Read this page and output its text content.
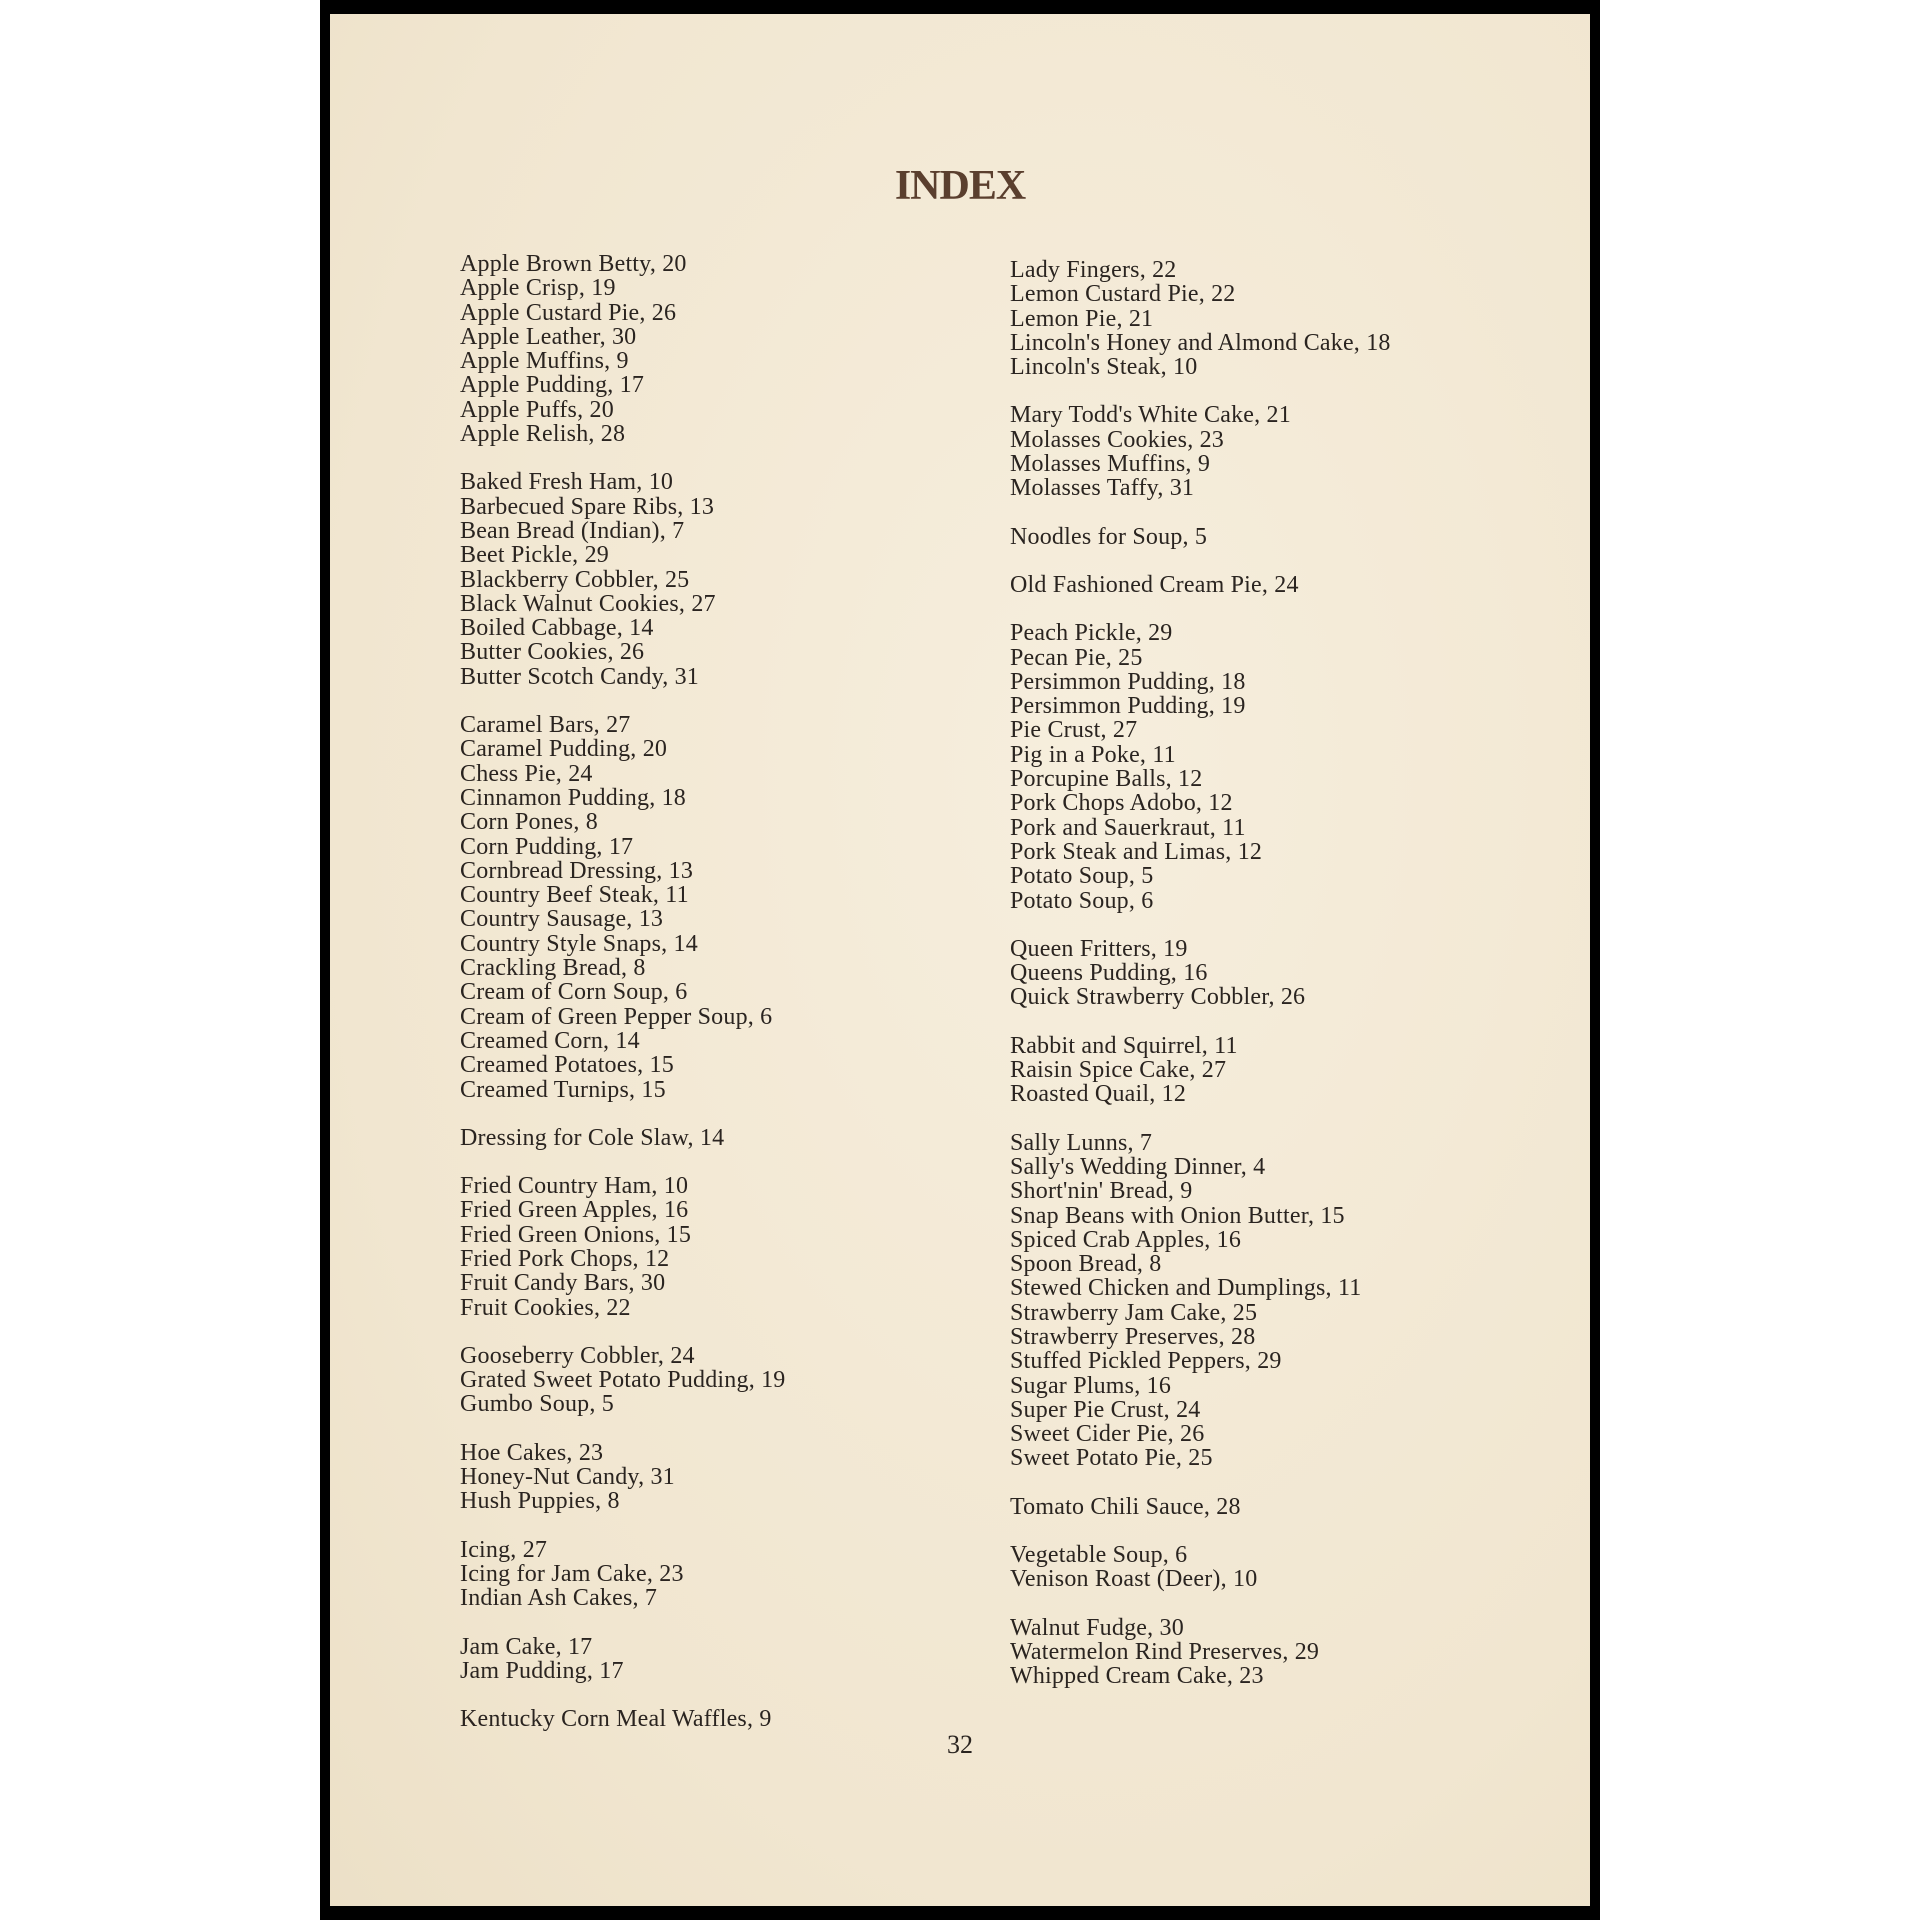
INDEX
Apple Brown Betty, 20
Apple Crisp, 19
Apple Custard Pie, 26
Apple Leather, 30
Apple Muffins, 9
Apple Pudding, 17
Apple Puffs, 20
Apple Relish, 28
Baked Fresh Ham, 10
Barbecued Spare Ribs, 13
Bean Bread (Indian), 7
Beet Pickle, 29
Blackberry Cobbler, 25
Black Walnut Cookies, 27
Boiled Cabbage, 14
Butter Cookies, 26
Butter Scotch Candy, 31
Caramel Bars, 27
Caramel Pudding, 20
Chess Pie, 24
Cinnamon Pudding, 18
Corn Pones, 8
Corn Pudding, 17
Cornbread Dressing, 13
Country Beef Steak, 11
Country Sausage, 13
Country Style Snaps, 14
Crackling Bread, 8
Cream of Corn Soup, 6
Cream of Green Pepper Soup, 6
Creamed Corn, 14
Creamed Potatoes, 15
Creamed Turnips, 15
Dressing for Cole Slaw, 14
Fried Country Ham, 10
Fried Green Apples, 16
Fried Green Onions, 15
Fried Pork Chops, 12
Fruit Candy Bars, 30
Fruit Cookies, 22
Gooseberry Cobbler, 24
Grated Sweet Potato Pudding, 19
Gumbo Soup, 5
Hoe Cakes, 23
Honey-Nut Candy, 31
Hush Puppies, 8
Icing, 27
Icing for Jam Cake, 23
Indian Ash Cakes, 7
Jam Cake, 17
Jam Pudding, 17
Kentucky Corn Meal Waffles, 9
Lady Fingers, 22
Lemon Custard Pie, 22
Lemon Pie, 21
Lincoln's Honey and Almond Cake, 18
Lincoln's Steak, 10
Mary Todd's White Cake, 21
Molasses Cookies, 23
Molasses Muffins, 9
Molasses Taffy, 31
Noodles for Soup, 5
Old Fashioned Cream Pie, 24
Peach Pickle, 29
Pecan Pie, 25
Persimmon Pudding, 18
Persimmon Pudding, 19
Pie Crust, 27
Pig in a Poke, 11
Porcupine Balls, 12
Pork Chops Adobo, 12
Pork and Sauerkraut, 11
Pork Steak and Limas, 12
Potato Soup, 5
Potato Soup, 6
Queen Fritters, 19
Queens Pudding, 16
Quick Strawberry Cobbler, 26
Rabbit and Squirrel, 11
Raisin Spice Cake, 27
Roasted Quail, 12
Sally Lunns, 7
Sally's Wedding Dinner, 4
Short'nin' Bread, 9
Snap Beans with Onion Butter, 15
Spiced Crab Apples, 16
Spoon Bread, 8
Stewed Chicken and Dumplings, 11
Strawberry Jam Cake, 25
Strawberry Preserves, 28
Stuffed Pickled Peppers, 29
Sugar Plums, 16
Super Pie Crust, 24
Sweet Cider Pie, 26
Sweet Potato Pie, 25
Tomato Chili Sauce, 28
Vegetable Soup, 6
Venison Roast (Deer), 10
Walnut Fudge, 30
Watermelon Rind Preserves, 29
Whipped Cream Cake, 23
32
